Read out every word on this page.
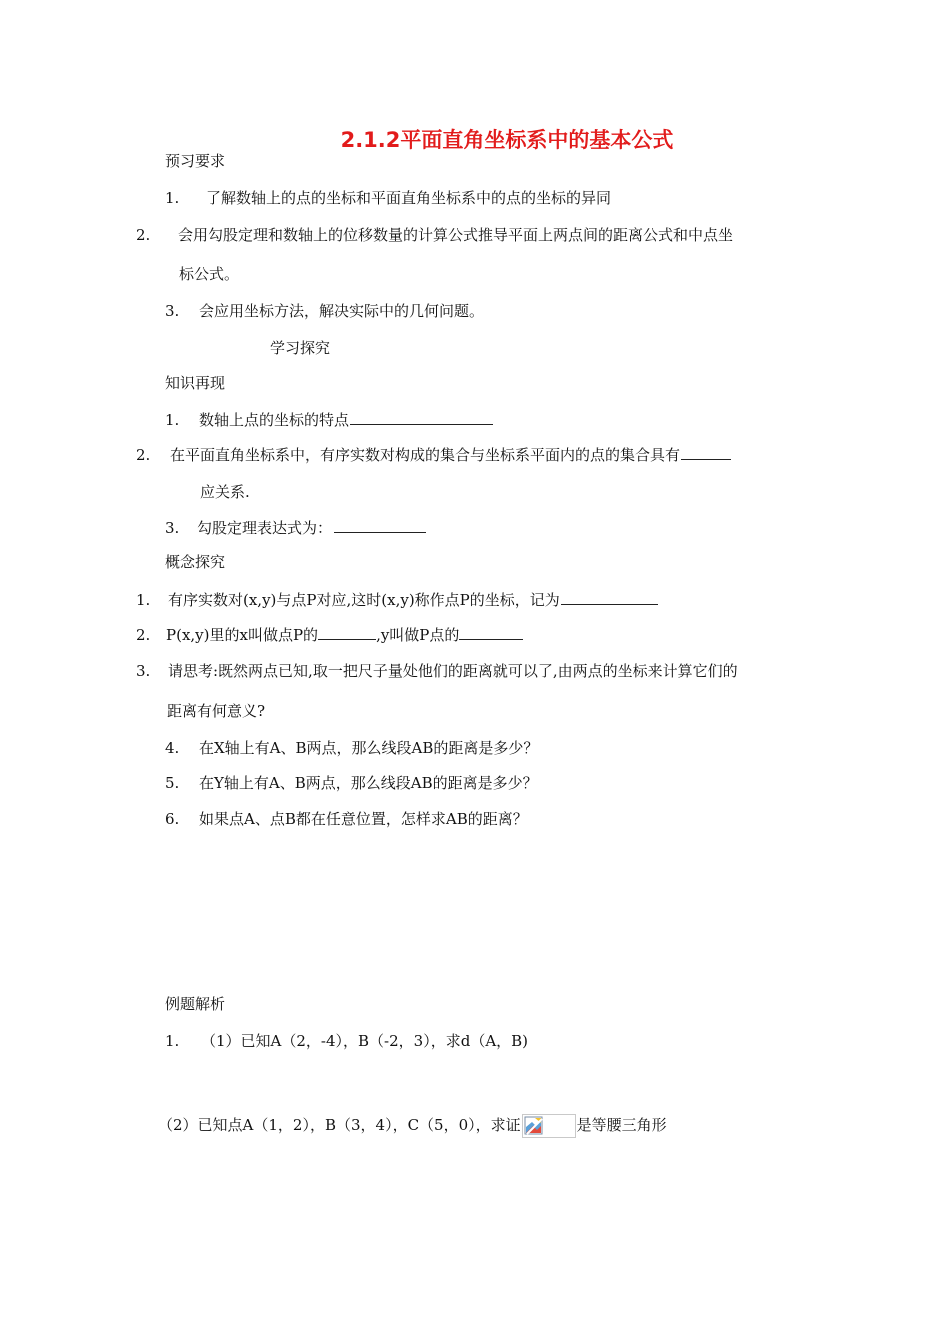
2.1.2平面直角坐标系中的基本公式
预习要求
1. 了解数轴上的点的坐标和平面直角坐标系中的点的坐标的异同
2. 会用勾股定理和数轴上的位移数量的计算公式推导平面上两点间的距离公式和中点坐
标公式。
3. 会应用坐标方法，解决实际中的几何问题。
学习探究
知识再现
1. 数轴上点的坐标的特点
2. 在平面直角坐标系中，有序实数对构成的集合与坐标系平面内的点的集合具有
应关系.
3. 勾股定理表达式为：
概念探究
1. 有序实数对(x,y)与点P对应,这时(x,y)称作点P的坐标，记为
2. P(x,y)里的x叫做点P的	,y叫做P点的
3. 请思考:既然两点已知,取一把尺子量处他们的距离就可以了,由两点的坐标来计算它们的
距离有何意义?
4. 在X轴上有A、B两点，那么线段AB的距离是多少？
5. 在Y轴上有A、B两点，那么线段AB的距离是多少？
6. 如果点A、点B都在任意位置，怎样求AB的距离？
例题解析
1. （1）已知A（2，-4），B（-2，3），求d（A，B)
（2）已知点A（1，2），B（3，4），C（5，0），求证	是等腰三角形
